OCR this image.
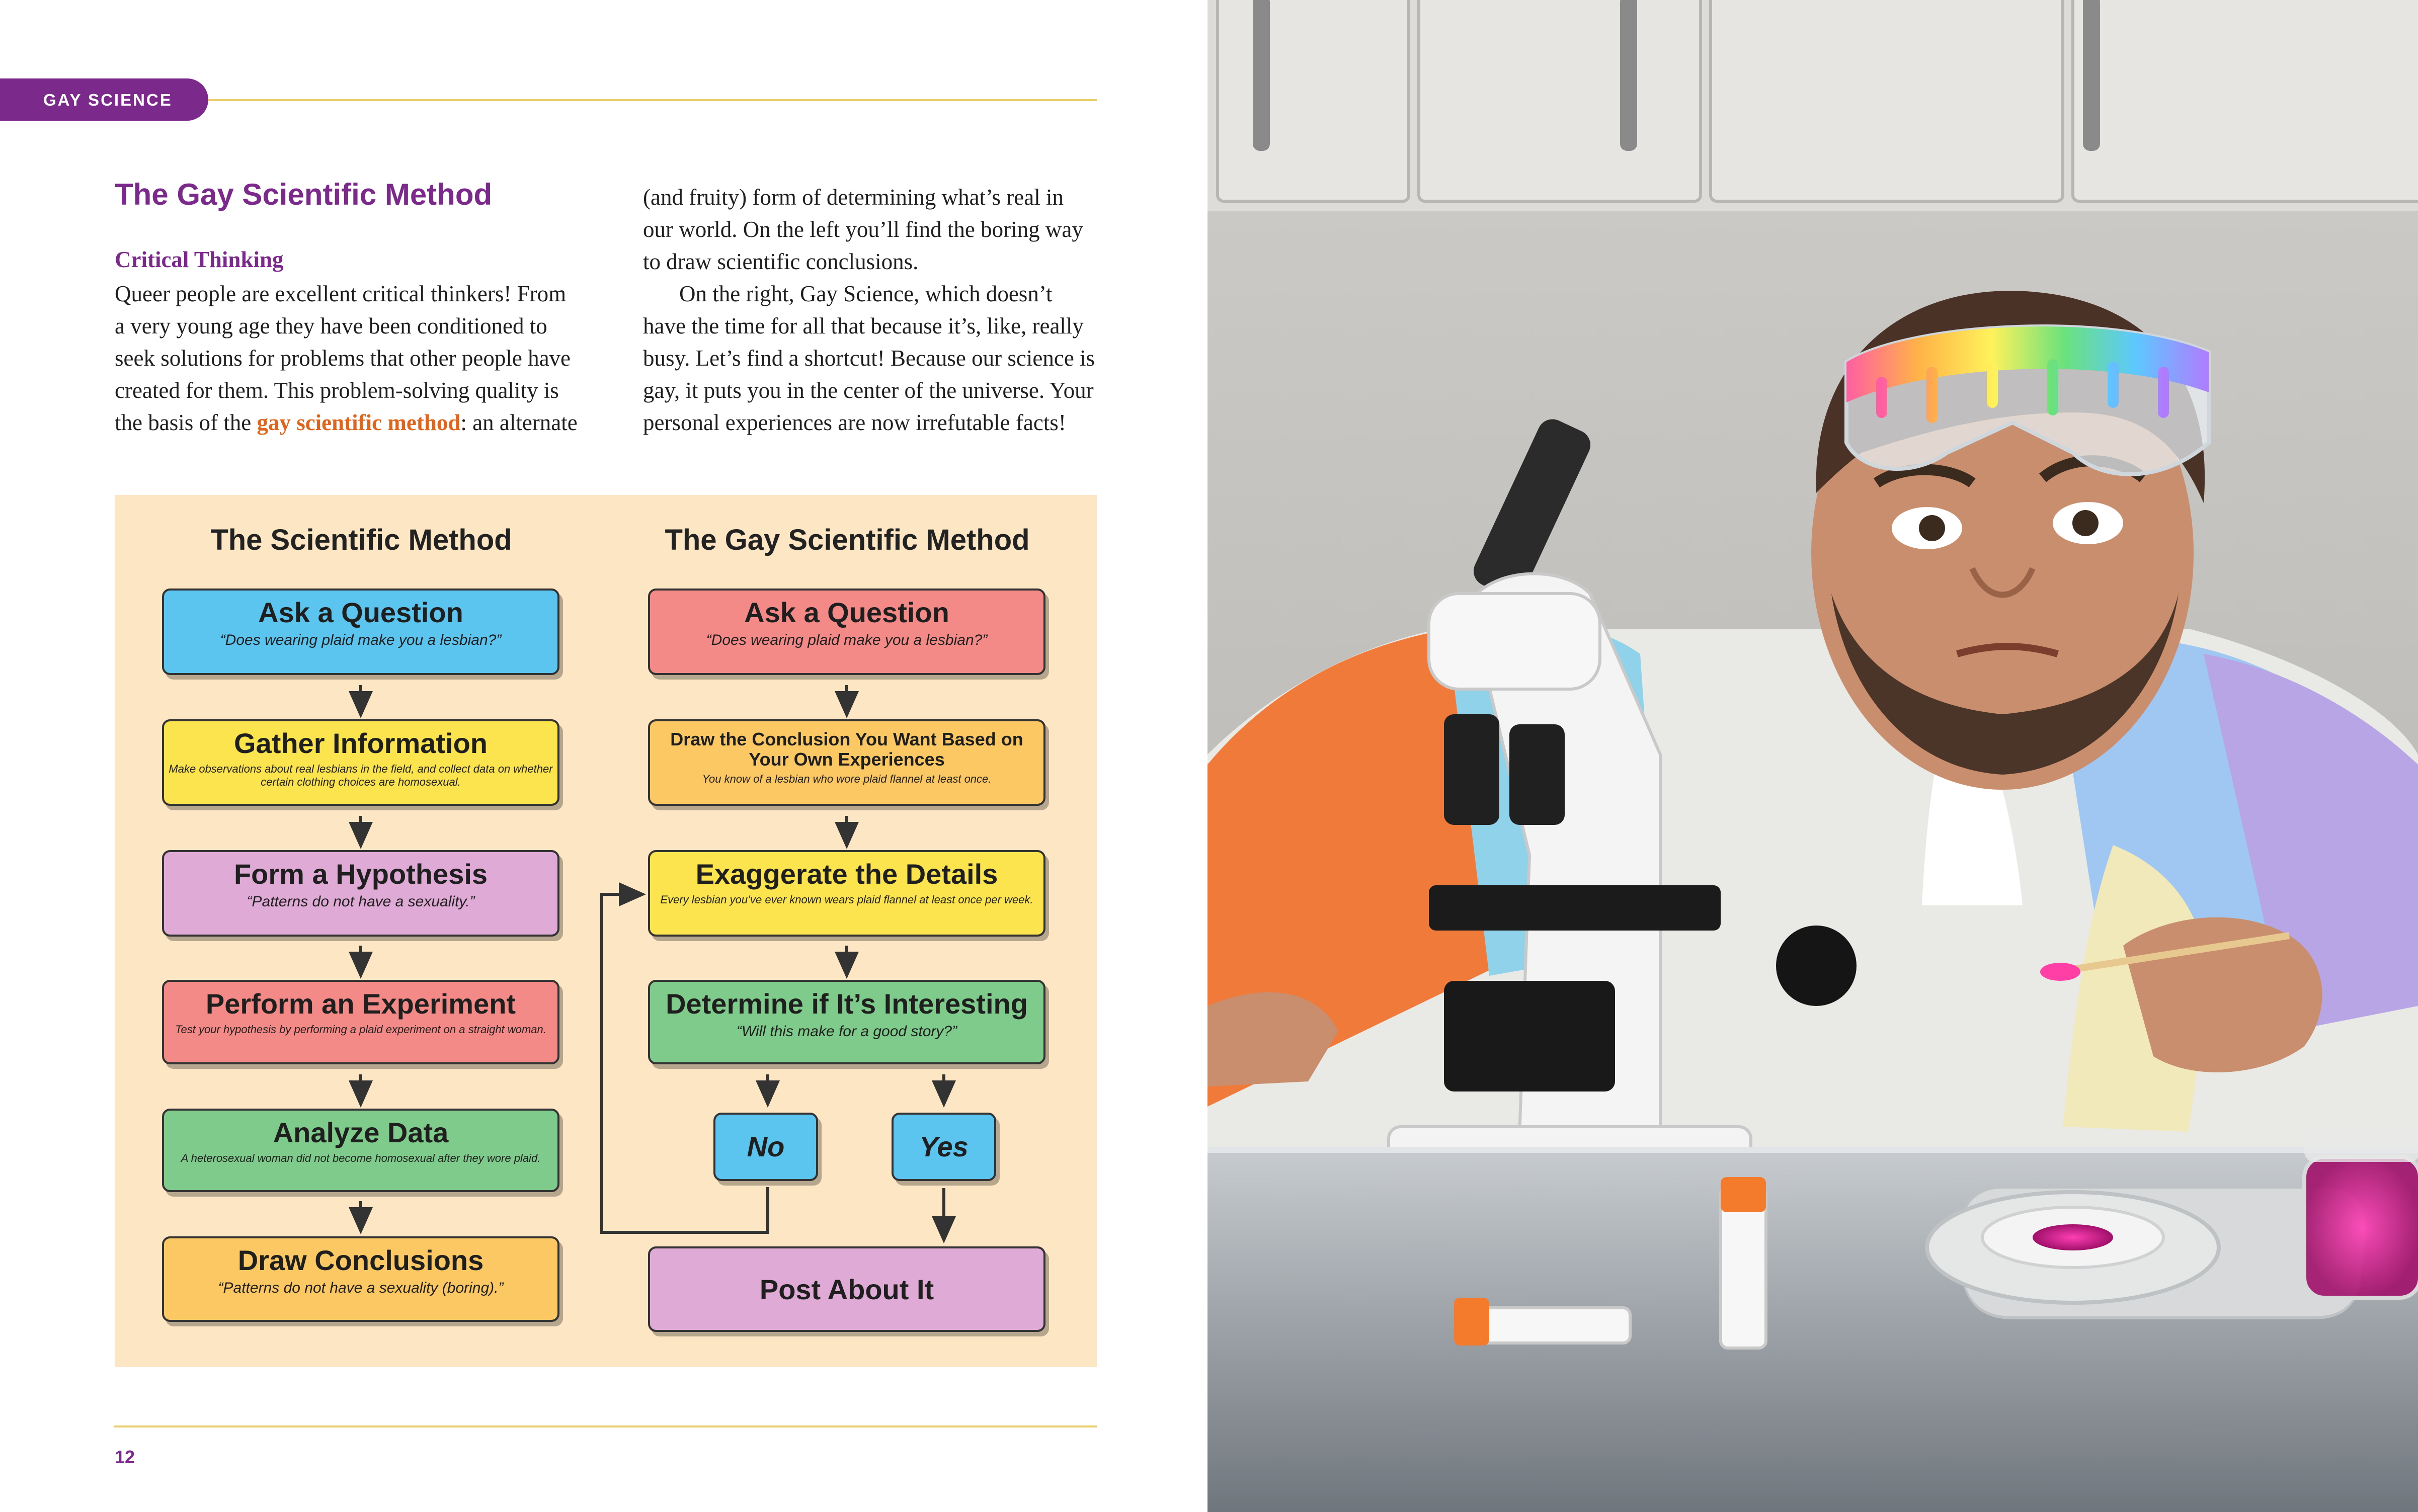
GAY SCIENCE
The Gay Scientific Method
Critical Thinking

Queer people are excellent critical thinkers! From a very young age they have been conditioned to seek solutions for problems that other people have created for them. This problem-solving quality is the basis of the gay scientific method: an alternate

(and fruity) form of determining what’s real in our world. On the left you’ll find the boring way to draw scientific conclusions.

On the right, Gay Science, which doesn’t have the time for all that because it’s, like, really busy. Let’s find a shortcut! Because our science is gay, it puts you in the center of the universe. Your personal experiences are now irrefutable facts!

The Scientific Method	The Gay Scientific Method
Ask a Question
“Does wearing plaid make you a lesbian?”
Gather Information
Make observations about real lesbians in the field, and collect data on whether certain clothing choices are homosexual.
Form a Hypothesis
“Patterns do not have a sexuality.”
Perform an Experiment
Test your hypothesis by performing a plaid experiment on a straight woman.
Analyze Data
A heterosexual woman did not become homosexual after they wore plaid.
Draw Conclusions
“Patterns do not have a sexuality (boring).”
Ask a Question
“Does wearing plaid make you a lesbian?”
Draw the Conclusion You Want Based on Your Own Experiences
You know of a lesbian who wore plaid flannel at least once.
Exaggerate the Details
Every lesbian you’ve ever known wears plaid flannel at least once per week.
Determine if It’s Interesting
“Will this make for a good story?”
No	Yes
Post About It
12
